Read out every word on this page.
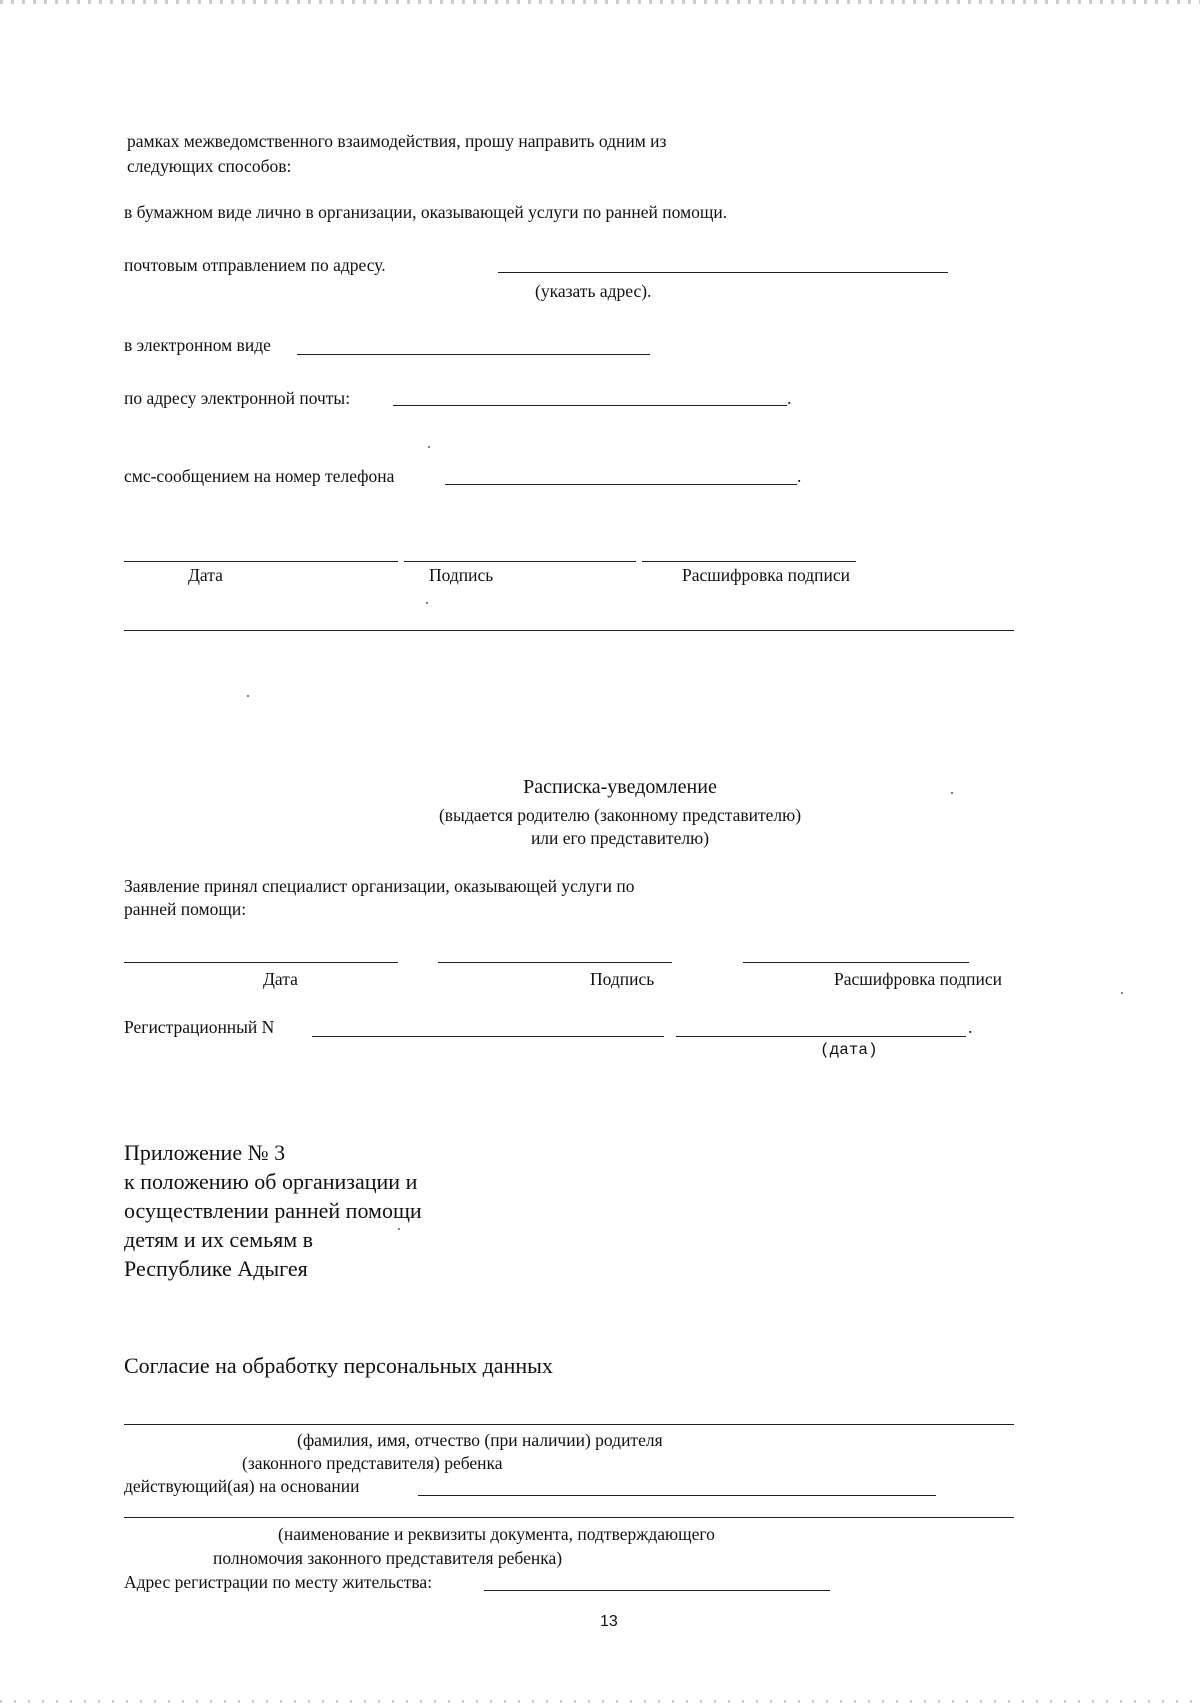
рамках межведомственного взаимодействия, прошу направить одним из
следующих способов:
в бумажном виде лично в организации, оказывающей услуги по ранней помощи.
почтовым отправлением по адресу.
(указать адрес).
в электронном виде
по адресу электронной почты:	.
смс-сообщением на номер телефона	.
Дата	Подпись	Расшифровка подписи
Расписка-уведомление
(выдается родителю (законному представителю)
или его представителю)
Заявление принял специалист организации, оказывающей услуги по
ранней помощи:
Дата	Подпись	Расшифровка подписи
Регистрационный N	.
(дата)
Приложение № 3
к положению об организации и
осуществлении ранней помощи
детям и их семьям в
Республике Адыгея
Согласие на обработку персональных данных
(фамилия, имя, отчество (при наличии) родителя
(законного представителя) ребенка
действующий(ая) на основании
(наименование и реквизиты документа, подтверждающего
полномочия законного представителя ребенка)
Адрес регистрации по месту жительства:
13
